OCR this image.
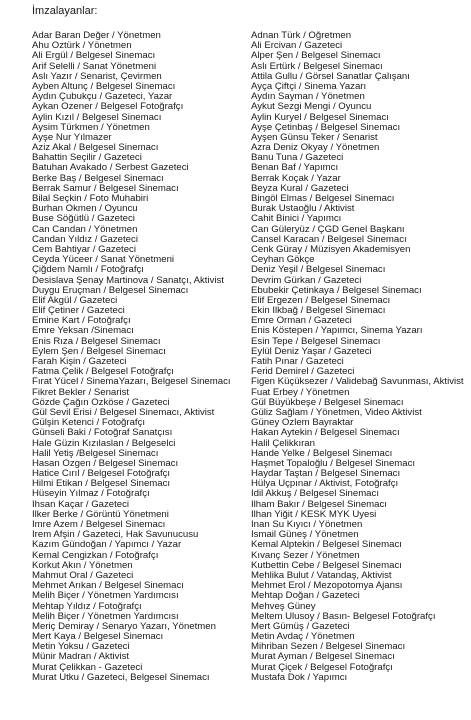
İmzalayanlar:
Adar Baran Değer / Yönetmen
Ahu Öztürk / Yönetmen
Ali Ergül / Belgesel Sinemacı
Arif Selelli / Sanat Yönetmeni
Aslı Yazır / Senarist, Çevirmen
Ayben Altunç / Belgesel Sinemacı
Aydın Çubukçu / Gazeteci, Yazar
Aykan Özener / Belgesel Fotoğrafçı
Aylin Kızıl / Belgesel Sinemacı
Aysim Türkmen / Yönetmen
Ayşe Nur Yılmazer
Aziz Akal / Belgesel Sinemacı
Bahattin Seçilir / Gazeteci
Batuhan Avakado / Serbest Gazeteci
Berke Baş / Belgesel Sinemacı
Berrak Samur / Belgesel Sinemacı
Bilal Seçkin / Foto Muhabiri
Burhan Ökmen / Oyuncu
Buse Söğütlü / Gazeteci
Can Candan / Yönetmen
Candan Yıldız / Gazeteci
Cem Bahtiyar / Gazeteci
Ceyda Yüceer / Sanat Yönetmeni
Çiğdem Namlı / Fotoğrafçı
Desislava Şenay Martinova / Sanatçı, Aktivist
Duygu Eruçman / Belgesel Sinemacı
Elif Akgül / Gazeteci
Elif Çetiner / Gazeteci
Emine Kart / Fotoğrafçı
Emre Yeksan /Sinemacı
Enis Rıza / Belgesel Sinemacı
Eylem Şen / Belgesel Sinemacı
Farah Kişin / Gazeteci
Fatma Çelik / Belgesel Fotoğrafçı
Fırat Yücel / SinemaYazarı, Belgesel Sinemacı
Fikret Bekler / Senarist
Gözde Çağın Özköse / Gazeteci
Gül Sevil Erisi / Belgesel Sinemacı, Aktivist
Gülşin Ketenci / Fotoğrafçı
Günseli Baki / Fotoğraf Sanatçısı
Hale Güzin Kızılaslan / Belgeselci
Halil Yetiş /Belgesel Sinemacı
Hasan Özgen / Belgesel Sinemacı
Hatice Cırıl / Belgesel Fotoğrafçı
Hilmi Etikan / Belgesel Sinemacı
Hüseyin Yılmaz / Fotoğrafçı
İhsan Kaçar / Gazeteci
İlker Berke / Görüntü Yönetmeni
İmre Azem / Belgesel Sinemacı
İrem Afşin / Gazeteci, Hak Savunucusu
Kazım Gündoğan / Yapımcı / Yazar
Kemal Cengizkan / Fotoğrafçı
Korkut Akın / Yönetmen
Mahmut Oral / Gazeteci
Mehmet Arıkan / Belgesel Sinemacı
Melih Biçer / Yönetmen Yardımcısı
Mehtap Yıldız / Fotoğrafçı
Melih Biçer / Yönetmen Yardımcısı
Meriç Demiray / Senaryo Yazarı, Yönetmen
Mert Kaya / Belgesel Sinemacı
Metin Yoksu / Gazeteci
Münir Madran / Aktivist
Murat Çelikkan - Gazeteci
Murat Utku / Gazeteci, Belgesel Sinemacı
Adnan Türk / Öğretmen
Ali Ercivan / Gazeteci
Alper Şen / Belgesel Sinemacı
Aslı Ertürk / Belgesel Sinemacı
Attila Gullu / Görsel Sanatlar Çalışanı
Ayça Çiftçi / Sinema Yazarı
Aydın Sayman / Yönetmen
Aykut Sezgi Mengi / Oyuncu
Aylin Kuryel / Belgesel Sinemacı
Ayşe Çetinbaş / Belgesel Sinemacı
Ayşen Günsu Teker / Senarist
Azra Deniz Okyay / Yönetmen
Banu Tuna / Gazeteci
Benan Baf / Yapımcı
Berrak Koçak / Yazar
Beyza Kural / Gazeteci
Bingöl Elmas / Belgesel Sinemacı
Burak Ustaoğlu / Aktivist
Cahit Binici / Yapımcı
Can Güleryüz / ÇGD Genel Başkanı
Cansel Karacan / Belgesel Sinemacı
Cenk Güray / Müzisyen Akademisyen
Ceyhan Gökçe
Deniz Yeşil / Belgesel Sinemacı
Devrim Gürkan / Gazeteci
Ebubekir Çetinkaya / Belgesel Sinemacı
Elif Ergezen / Belgesel Sinemacı
Ekin İlkbağ / Belgesel Sinemacı
Emre Orman / Gazeteci
Enis Köstepen / Yapımcı, Sinema Yazarı
Esin Tepe / Belgesel Sinemacı
Eylül Deniz Yaşar / Gazeteci
Fatih Pınar / Gazeteci
Ferid Demirel / Gazeteci
Figen Küçüksezer / Validebağ Savunması, Aktivist
Fuat Erbey / Yönetmen
Gül Büyükbeşe / Belgesel Sinemacı
Güliz Sağlam / Yönetmen, Video Aktivist
Güney Özlem Bayraktar
Hakan Aytekin / Belgesel Sinemacı
Halil Çelikkıran
Hande Yelke / Belgesel Sinemacı
Haşmet Topaloğlu / Belgesel Sinemacı
Haydar Taştan / Belgesel Sinemacı
Hülya Üçpınar / Aktivist, Fotoğrafçı
İdil Akkuş / Belgesel Sinemacı
İlham Bakır / Belgesel Sinemacı
İlhan Yiğit / KESK MYK Üyesi
İnan Su Kıyıcı / Yönetmen
İsmail Güneş / Yönetmen
Kemal Alptekin / Belgesel Sinemacı
Kıvanç Sezer / Yönetmen
Kutbettin Cebe / Belgesel Sinemacı
Mehlika Bulut / Vatandaş, Aktivist
Mehmet Erol / Mezopotomya Ajansı
Mehtap Doğan / Gazeteci
Mehveş Güney
Meltem Ulusoy / Basın- Belgesel Fotoğrafçı
Mert Gümüş / Gazeteci
Metin Avdaç / Yönetmen
Mihriban Sezen / Belgesel Sinemacı
Murat Ayman / Belgesel Sinemacı
Murat Çiçek / Belgesel Fotoğrafçı
Mustafa Dok / Yapımcı
